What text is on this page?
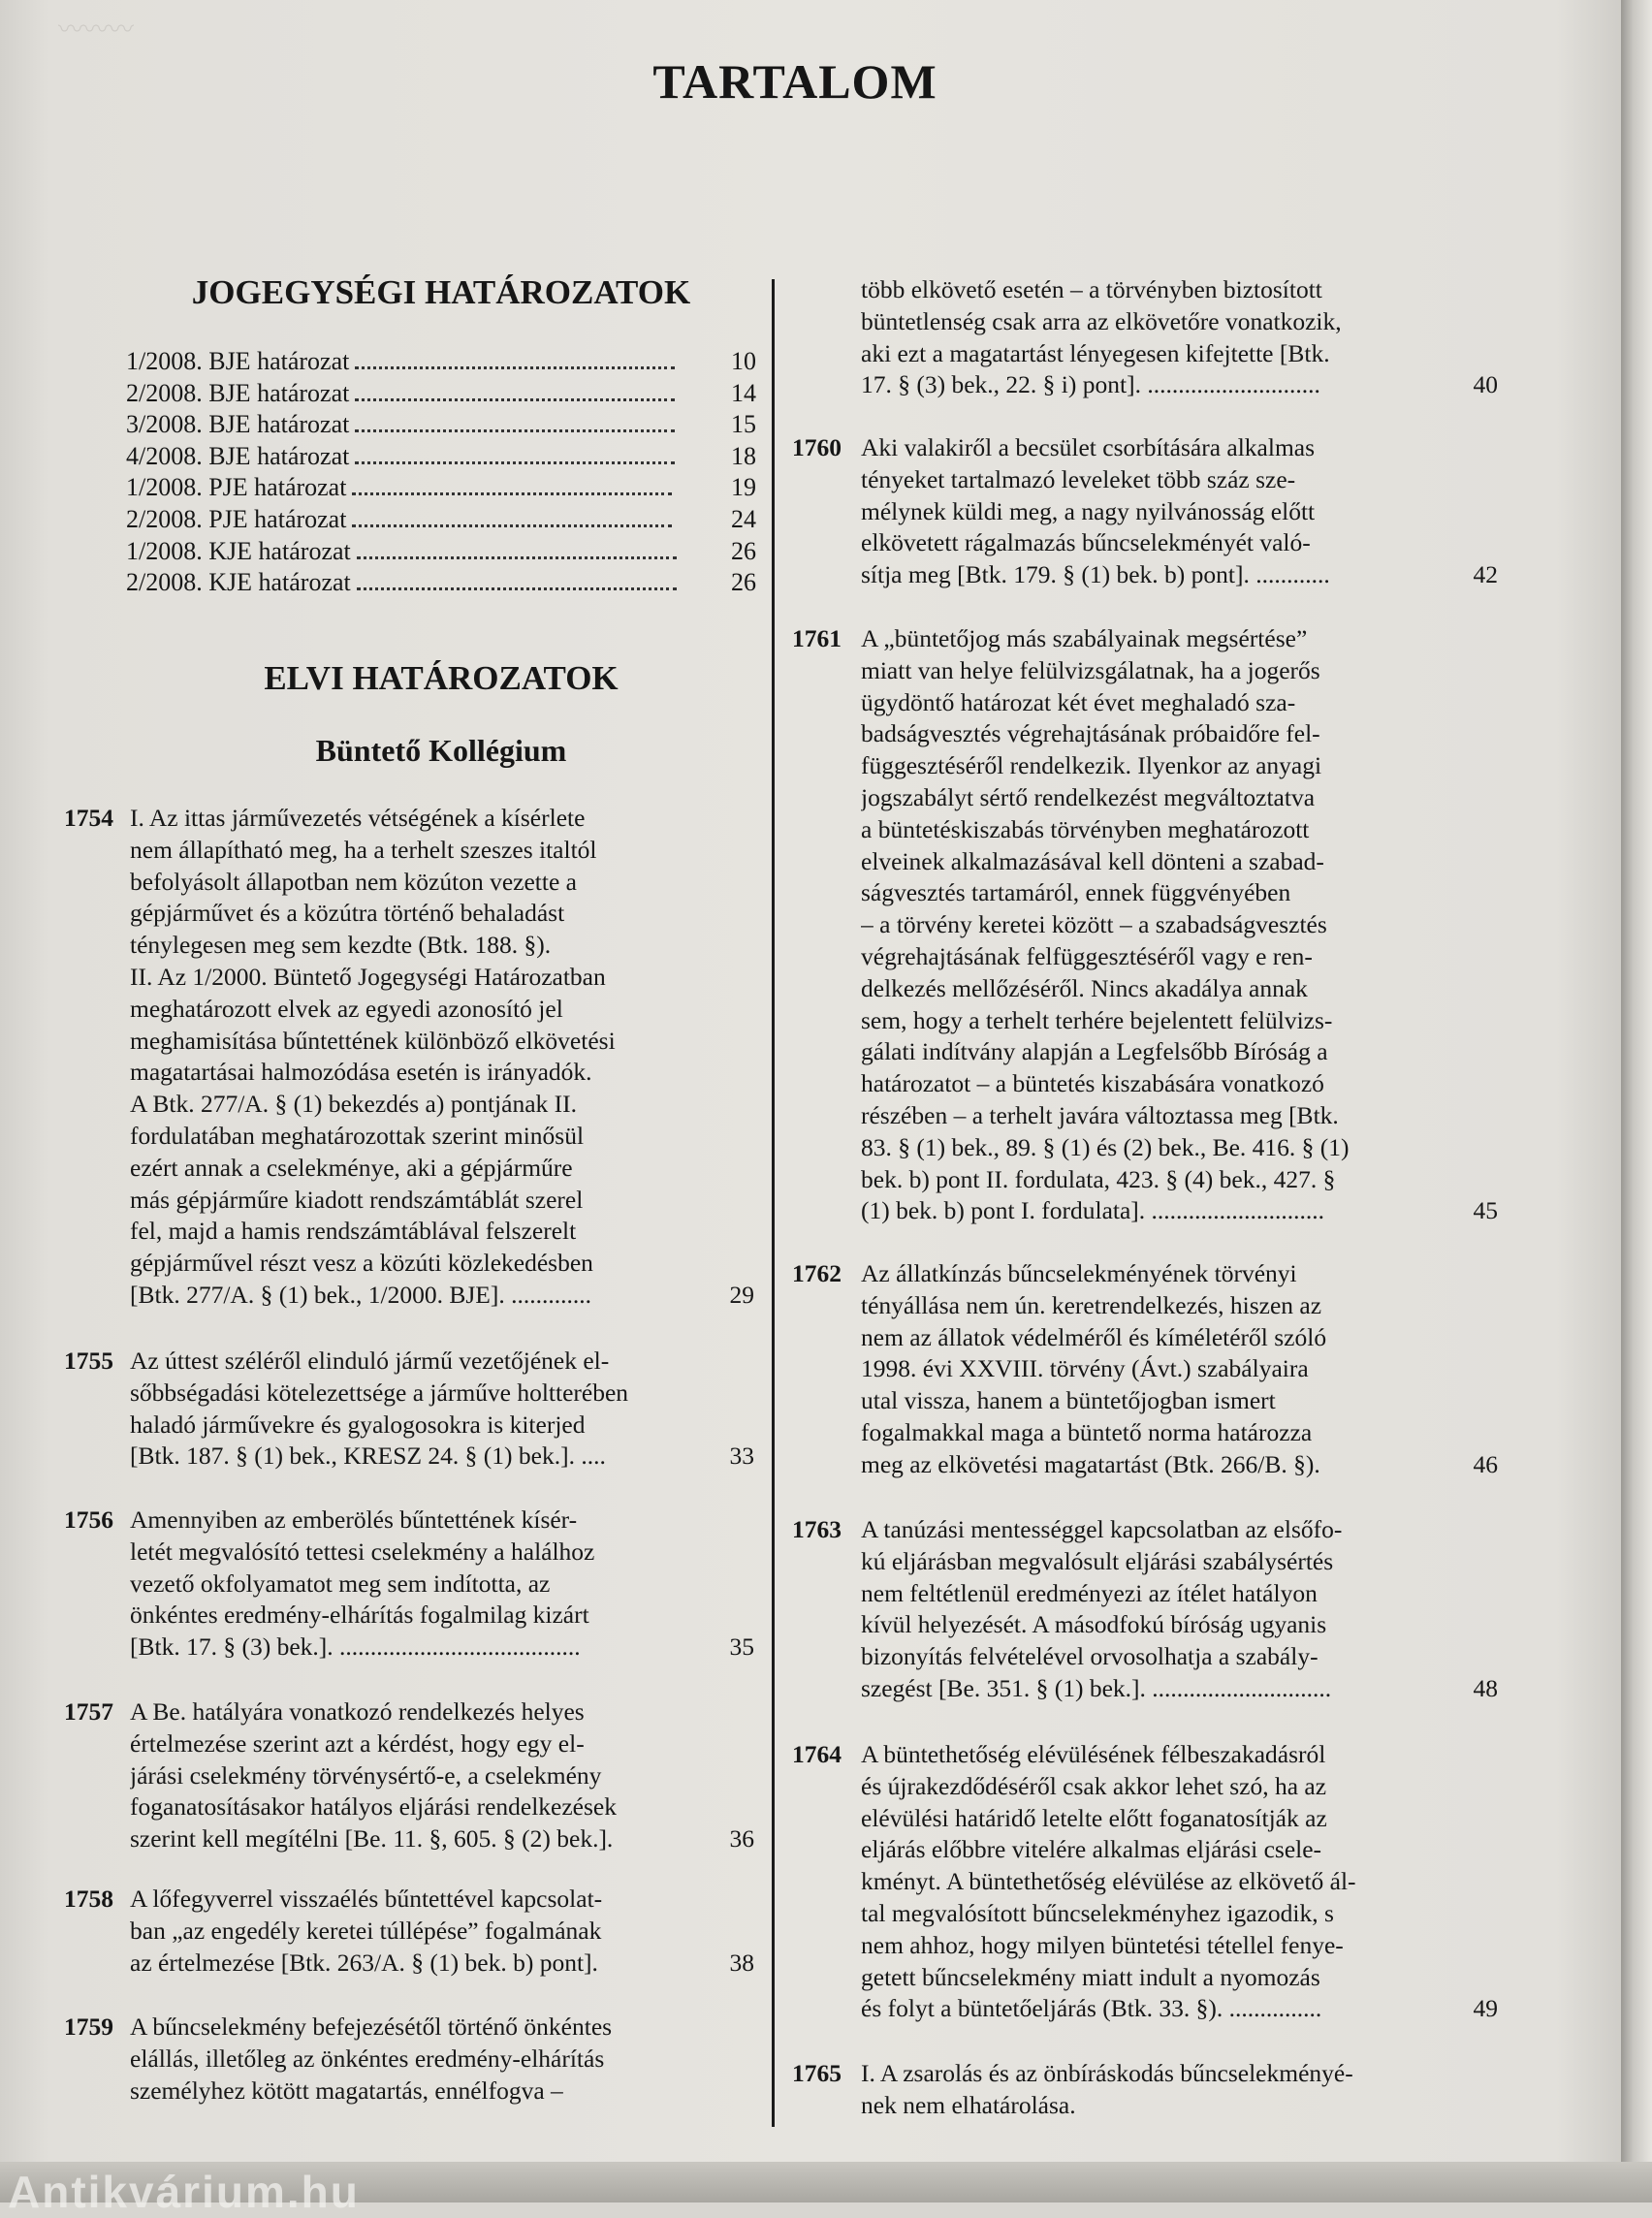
〰〰〰
Antikvárium.hu
TARTALOM
JOGEGYSÉGI HATÁROZATOK
1/2008. BJE határozat	10
2/2008. BJE határozat	14
3/2008. BJE határozat	15
4/2008. BJE határozat	18
1/2008. PJE határozat	19
2/2008. PJE határozat	24
1/2008. KJE határozat	26
2/2008. KJE határozat	26
ELVI HATÁROZATOK
Büntető Kollégium
1754 I. Az ittas járművezetés vétségének a kísérlete
nem állapítható meg, ha a terhelt szeszes italtól
befolyásolt állapotban nem közúton vezette a
gépjárművet és a közútra történő behaladást
ténylegesen meg sem kezdte (Btk. 188. §).
II. Az 1/2000. Büntető Jogegységi Határozatban
meghatározott elvek az egyedi azonosító jel
meghamisítása bűntettének különböző elkövetési
magatartásai halmozódása esetén is irányadók.
A Btk. 277/A. § (1) bekezdés a) pontjának II.
fordulatában meghatározottak szerint minősül
ezért annak a cselekménye, aki a gépjárműre
más gépjárműre kiadott rendszámtáblát szerel
fel, majd a hamis rendszámtáblával felszerelt
gépjárművel részt vesz a közúti közlekedésben
[Btk. 277/A. § (1) bek., 1/2000. BJE]. .............	29
1755 Az úttest széléről elinduló jármű vezetőjének el-
sőbbségadási kötelezettsége a járműve holtterében
haladó járművekre és gyalogosokra is kiterjed
[Btk. 187. § (1) bek., KRESZ 24. § (1) bek.]. ....	33
1756 Amennyiben az emberölés bűntettének kísér-
letét megvalósító tettesi cselekmény a halálhoz
vezető okfolyamatot meg sem indította, az
önkéntes eredmény-elhárítás fogalmilag kizárt
[Btk. 17. § (3) bek.]. .......................................	35
1757 A Be. hatályára vonatkozó rendelkezés helyes
értelmezése szerint azt a kérdést, hogy egy el-
járási cselekmény törvénysértő-e, a cselekmény
foganatosításakor hatályos eljárási rendelkezések
szerint kell megítélni [Be. 11. §, 605. § (2) bek.].	36
1758 A lőfegyverrel visszaélés bűntettével kapcsolat-
ban „az engedély keretei túllépése” fogalmának
az értelmezése [Btk. 263/A. § (1) bek. b) pont].	38
1759 A bűncselekmény befejezésétől történő önkéntes
elállás, illetőleg az önkéntes eredmény-elhárítás
személyhez kötött magatartás, ennélfogva –
több elkövető esetén – a törvényben biztosított
büntetlenség csak arra az elkövetőre vonatkozik,
aki ezt a magatartást lényegesen kifejtette [Btk.
17. § (3) bek., 22. § i) pont]. ............................	40
1760 Aki valakiről a becsület csorbítására alkalmas
tényeket tartalmazó leveleket több száz sze-
mélynek küldi meg, a nagy nyilvánosság előtt
elkövetett rágalmazás bűncselekményét való-
sítja meg [Btk. 179. § (1) bek. b) pont]. ............	42
1761 A „büntetőjog más szabályainak megsértése”
miatt van helye felülvizsgálatnak, ha a jogerős
ügydöntő határozat két évet meghaladó sza-
badságvesztés végrehajtásának próbaidőre fel-
függesztéséről rendelkezik. Ilyenkor az anyagi
jogszabályt sértő rendelkezést megváltoztatva
a büntetéskiszabás törvényben meghatározott
elveinek alkalmazásával kell dönteni a szabad-
ságvesztés tartamáról, ennek függvényében
– a törvény keretei között – a szabadságvesztés
végrehajtásának felfüggesztéséről vagy e ren-
delkezés mellőzéséről. Nincs akadálya annak
sem, hogy a terhelt terhére bejelentett felülvizs-
gálati indítvány alapján a Legfelsőbb Bíróság a
határozatot – a büntetés kiszabására vonatkozó
részében – a terhelt javára változtassa meg [Btk.
83. § (1) bek., 89. § (1) és (2) bek., Be. 416. § (1)
bek. b) pont II. fordulata, 423. § (4) bek., 427. §
(1) bek. b) pont I. fordulata]. ............................	45
1762 Az állatkínzás bűncselekményének törvényi
tényállása nem ún. keretrendelkezés, hiszen az
nem az állatok védelméről és kíméletéről szóló
1998. évi XXVIII. törvény (Ávt.) szabályaira
utal vissza, hanem a büntetőjogban ismert
fogalmakkal maga a büntető norma határozza
meg az elkövetési magatartást (Btk. 266/B. §).	46
1763 A tanúzási mentességgel kapcsolatban az elsőfo-
kú eljárásban megvalósult eljárási szabálysértés
nem feltétlenül eredményezi az ítélet hatályon
kívül helyezését. A másodfokú bíróság ugyanis
bizonyítás felvételével orvosolhatja a szabály-
szegést [Be. 351. § (1) bek.]. .............................	48
1764 A büntethetőség elévülésének félbeszakadásról
és újrakezdődéséről csak akkor lehet szó, ha az
elévülési határidő letelte előtt foganatosítják az
eljárás előbbre vitelére alkalmas eljárási csele-
kményt. A büntethetőség elévülése az elkövető ál-
tal megvalósított bűncselekményhez igazodik, s
nem ahhoz, hogy milyen büntetési tétellel fenye-
getett bűncselekmény miatt indult a nyomozás
és folyt a büntetőeljárás (Btk. 33. §). ...............	49
1765 I. A zsarolás és az önbíráskodás bűncselekményé-
nek nem elhatárolása.
